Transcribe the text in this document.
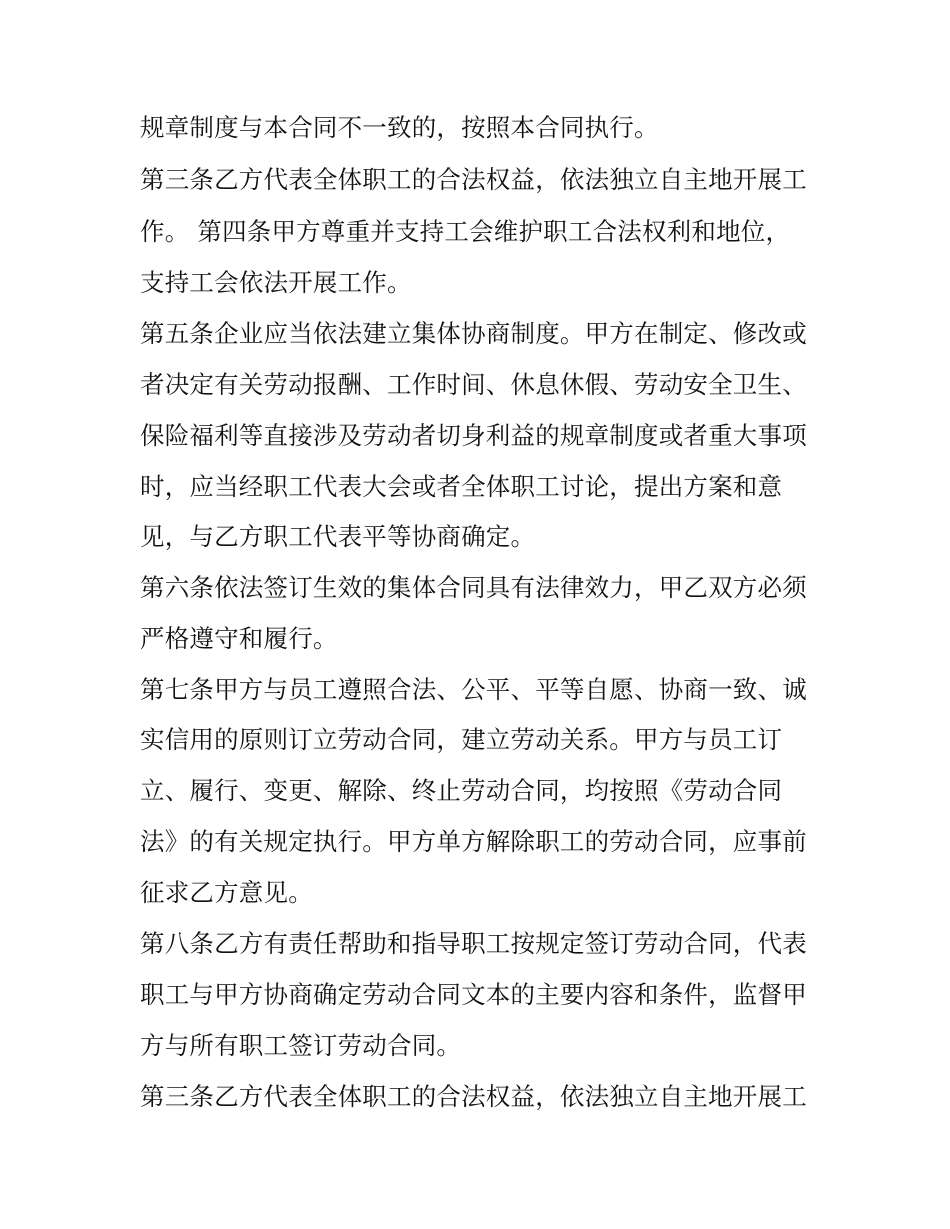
规章制度与本合同不一致的，按照本合同执行。
第三条乙方代表全体职工的合法权益，依法独立自主地开展工
作。 第四条甲方尊重并支持工会维护职工合法权利和地位，
支持工会依法开展工作。
第五条企业应当依法建立集体协商制度。甲方在制定、修改或
者决定有关劳动报酬、工作时间、休息休假、劳动安全卫生、
保险福利等直接涉及劳动者切身利益的规章制度或者重大事项
时，应当经职工代表大会或者全体职工讨论，提出方案和意
见，与乙方职工代表平等协商确定。
第六条依法签订生效的集体合同具有法律效力，甲乙双方必须
严格遵守和履行。
第七条甲方与员工遵照合法、公平、平等自愿、协商一致、诚
实信用的原则订立劳动合同，建立劳动关系。甲方与员工订
立、履行、变更、解除、终止劳动合同，均按照《劳动合同
法》的有关规定执行。甲方单方解除职工的劳动合同，应事前
征求乙方意见。
第八条乙方有责任帮助和指导职工按规定签订劳动合同，代表
职工与甲方协商确定劳动合同文本的主要内容和条件，监督甲
方与所有职工签订劳动合同。
第三条乙方代表全体职工的合法权益，依法独立自主地开展工
